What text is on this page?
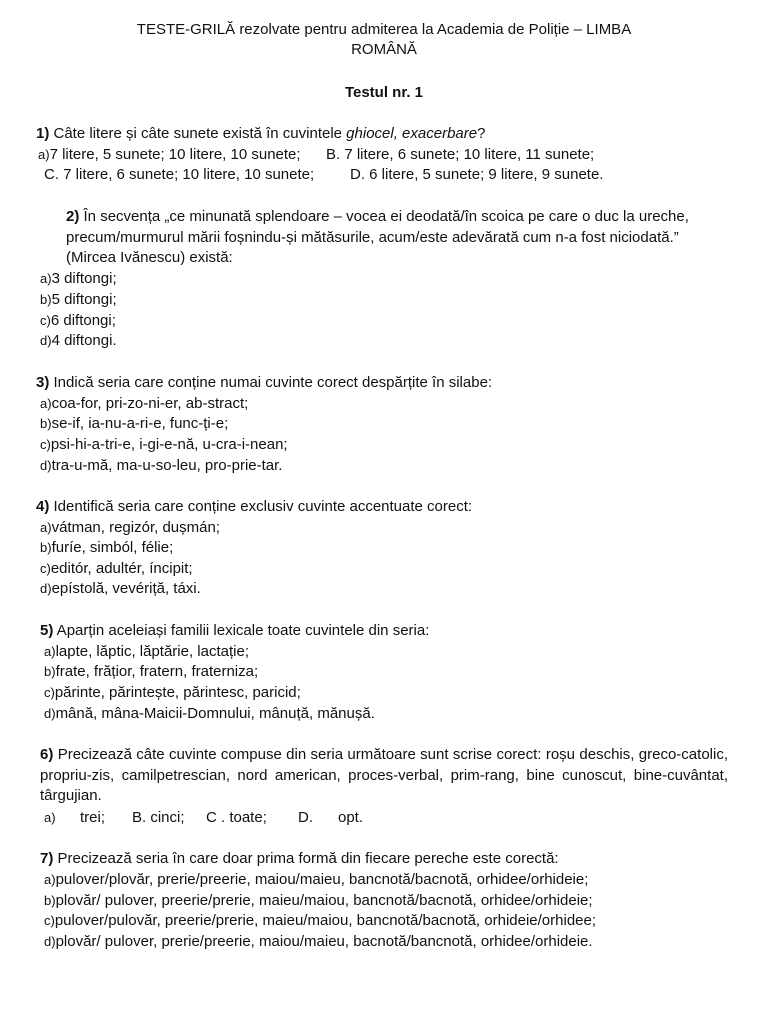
TESTE-GRILĂ rezolvate pentru admiterea la Academia de Poliție – LIMBA
ROMÂNĂ
Testul nr. 1
1) Câte litere și câte sunete există în cuvintele ghiocel, exacerbare?
a)7 litere, 5 sunete; 10 litere, 10 sunete; B. 7 litere, 6 sunete; 10 litere, 11 sunete;
C. 7 litere, 6 sunete; 10 litere, 10 sunete; D. 6 litere, 5 sunete; 9 litere, 9 sunete.
2) În secvența „ce minunată splendoare – vocea ei deodată/în scoica pe care o duc la ureche,
precum/murmurul mării foșnindu-și mătăsurile, acum/este adevărată cum n-a fost niciodată.”
(Mircea Ivănescu) există:
a)3 diftongi;
b)5 diftongi;
c)6 diftongi;
d)4 diftongi.
3) Indică seria care conține numai cuvinte corect despărțite în silabe:
a)coa-for, pri-zo-ni-er, ab-stract;
b)se-if, ia-nu-a-ri-e, func-ți-e;
c)psi-hi-a-tri-e, i-gi-e-nă, u-cra-i-nean;
d)tra-u-mă, ma-u-so-leu, pro-prie-tar.
4) Identifică seria care conține exclusiv cuvinte accentuate corect:
a)vátman, regizór, dușmán;
b)furíe, simból, félie;
c)editór, adultér, íncipit;
d)epístolă, vevériță, táxi.
5) Aparțin aceleiași familii lexicale toate cuvintele din seria:
a)lapte, lăptic, lăptărie, lactație;
b)frate, frățior, fratern, fraterniza;
c)părinte, părintește, părintesc, paricid;
d)mână, mâna-Maicii-Domnului, mânuță, mănușă.
6) Precizează câte cuvinte compuse din seria următoare sunt scrise corect: roșu deschis, greco-catolic, propriu-zis, camilpetrescian, nord american, proces-verbal, prim-rang, bine cunoscut, bine-cuvântat, târgujian.
a) trei; B. cinci; C . toate; D. opt.
7) Precizează seria în care doar prima formă din fiecare pereche este corectă:
a)pulover/plovăr, prerie/preerie, maiou/maieu, bancnotă/bacnotă, orhidee/orhideie;
b)plovăr/ pulover, preerie/prerie, maieu/maiou, bancnotă/bacnotă, orhidee/orhideie;
c)pulover/pulovăr, preerie/prerie, maieu/maiou, bancnotă/bacnotă, orhideie/orhidee;
d)plovăr/ pulover, prerie/preerie, maiou/maieu, bacnotă/bancnotă, orhidee/orhideie.
